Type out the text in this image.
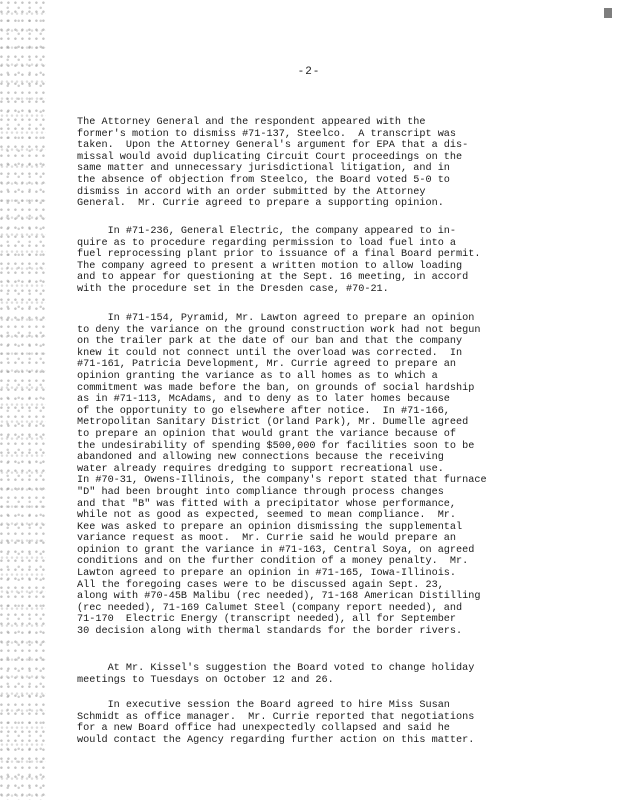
-2-
The Attorney General and the respondent appeared with the
former's motion to dismiss #71-137, Steelco.  A transcript was
taken.  Upon the Attorney General's argument for EPA that a dis-
missal would avoid duplicating Circuit Court proceedings on the
same matter and unnecessary jurisdictional litigation, and in
the absence of objection from Steelco, the Board voted 5-0 to
dismiss in accord with an order submitted by the Attorney
General.  Mr. Currie agreed to prepare a supporting opinion.
In #71-236, General Electric, the company appeared to in-
quire as to procedure regarding permission to load fuel into a
fuel reprocessing plant prior to issuance of a final Board permit.
The company agreed to present a written motion to allow loading
and to appear for questioning at the Sept. 16 meeting, in accord
with the procedure set in the Dresden case, #70-21.
In #71-154, Pyramid, Mr. Lawton agreed to prepare an opinion
to deny the variance on the ground construction work had not begun
on the trailer park at the date of our ban and that the company
knew it could not connect until the overload was corrected.  In
#71-161, Patricia Development, Mr. Currie agreed to prepare an
opinion granting the variance as to all homes as to which a
commitment was made before the ban, on grounds of social hardship
as in #71-113, McAdams, and to deny as to later homes because
of the opportunity to go elsewhere after notice.  In #71-166,
Metropolitan Sanitary District (Orland Park), Mr. Dumelle agreed
to prepare an opinion that would grant the variance because of
the undesirability of spending $500,000 for facilities soon to be
abandoned and allowing new connections because the receiving
water already requires dredging to support recreational use.
In #70-31, Owens-Illinois, the company's report stated that furnace
"D" had been brought into compliance through process changes
and that "B" was fitted with a precipitator whose performance,
while not as good as expected, seemed to mean compliance.  Mr.
Kee was asked to prepare an opinion dismissing the supplemental
variance request as moot.  Mr. Currie said he would prepare an
opinion to grant the variance in #71-163, Central Soya, on agreed
conditions and on the further condition of a money penalty.  Mr.
Lawton agreed to prepare an opinion in #71-165, Iowa-Illinois.
All the foregoing cases were to be discussed again Sept. 23,
along with #70-45B Malibu (rec needed), 71-168 American Distilling
(rec needed), 71-169 Calumet Steel (company report needed), and
71-170  Electric Energy (transcript needed), all for September
30 decision along with thermal standards for the border rivers.
At Mr. Kissel's suggestion the Board voted to change holiday
meetings to Tuesdays on October 12 and 26.
In executive session the Board agreed to hire Miss Susan
Schmidt as office manager.  Mr. Currie reported that negotiations
for a new Board office had unexpectedly collapsed and said he
would contact the Agency regarding further action on this matter.
